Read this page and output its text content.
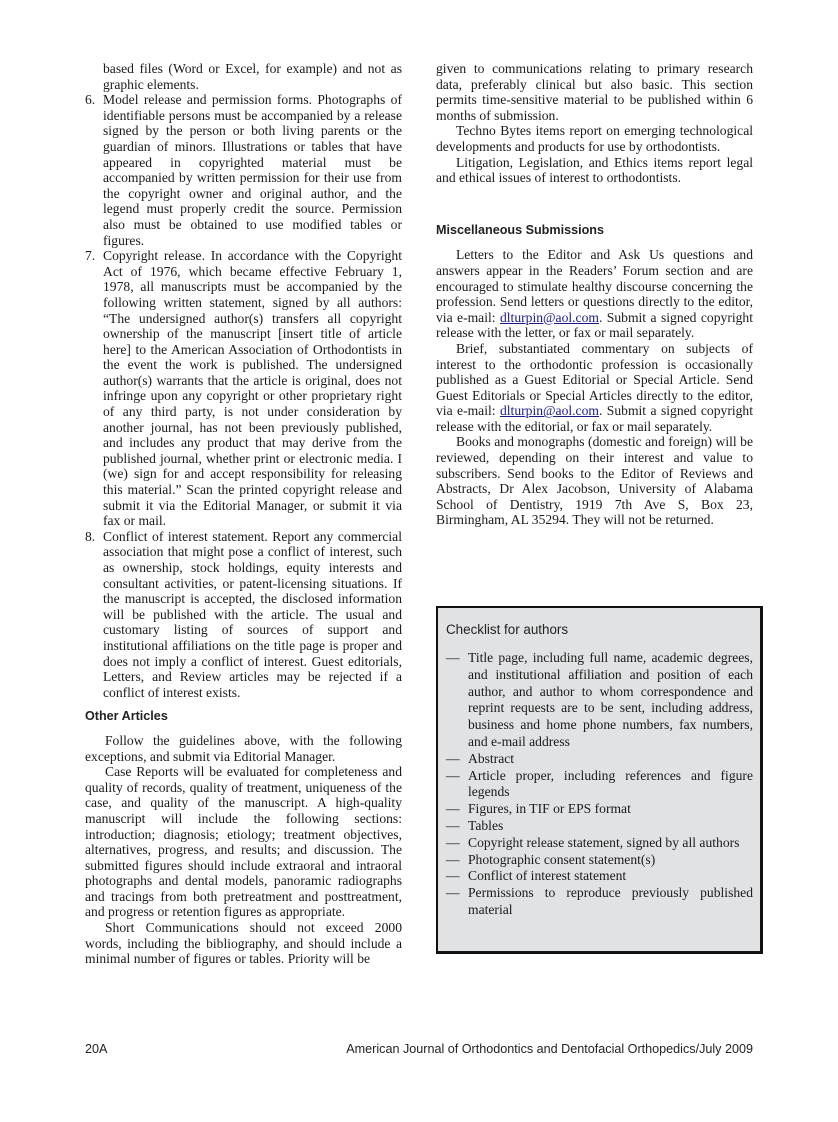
based files (Word or Excel, for example) and not as graphic elements.

6. Model release and permission forms. Photographs of identifiable persons must be accompanied by a release signed by the person or both living parents or the guardian of minors. Illustrations or tables that have appeared in copyrighted material must be accompanied by written permission for their use from the copyright owner and original author, and the legend must properly credit the source. Permission also must be obtained to use modified tables or figures.
7. Copyright release. In accordance with the Copyright Act of 1976, which became effective February 1, 1978, all manuscripts must be accompanied by the following written statement, signed by all authors: “The undersigned author(s) transfers all copyright ownership of the manuscript [insert title of article here] to the American Association of Orthodontists in the event the work is published. The undersigned author(s) warrants that the article is original, does not infringe upon any copyright or other proprietary right of any third party, is not under consideration by another journal, has not been previously published, and includes any product that may derive from the published journal, whether print or electronic media. I (we) sign for and accept responsibility for releasing this material.” Scan the printed copyright release and submit it via the Editorial Manager, or submit it via fax or mail.
8. Conflict of interest statement. Report any commercial association that might pose a conflict of interest, such as ownership, stock holdings, equity interests and consultant activities, or patent-licensing situations. If the manuscript is accepted, the disclosed information will be published with the article. The usual and customary listing of sources of support and institutional affiliations on the title page is proper and does not imply a conflict of interest. Guest editorials, Letters, and Review articles may be rejected if a conflict of interest exists.
Other Articles

Follow the guidelines above, with the following exceptions, and submit via Editorial Manager.

Case Reports will be evaluated for completeness and quality of records, quality of treatment, uniqueness of the case, and quality of the manuscript. A high-quality manuscript will include the following sections: introduction; diagnosis; etiology; treatment objectives, alternatives, progress, and results; and discussion. The submitted figures should include extraoral and intraoral photographs and dental models, panoramic radiographs and tracings from both pretreatment and posttreatment, and progress or retention figures as appropriate.

Short Communications should not exceed 2000 words, including the bibliography, and should include a minimal number of figures or tables. Priority will be

given to communications relating to primary research data, preferably clinical but also basic. This section permits time-sensitive material to be published within 6 months of submission.

Techno Bytes items report on emerging technological developments and products for use by orthodontists.

Litigation, Legislation, and Ethics items report legal and ethical issues of interest to orthodontists.

Miscellaneous Submissions

Letters to the Editor and Ask Us questions and answers appear in the Readers’ Forum section and are encouraged to stimulate healthy discourse concerning the profession. Send letters or questions directly to the editor, via e-mail: dlturpin@aol.com. Submit a signed copyright release with the letter, or fax or mail separately.

Brief, substantiated commentary on subjects of interest to the orthodontic profession is occasionally published as a Guest Editorial or Special Article. Send Guest Editorials or Special Articles directly to the editor, via e-mail: dlturpin@aol.com. Submit a signed copyright release with the editorial, or fax or mail separately.

Books and monographs (domestic and foreign) will be reviewed, depending on their interest and value to subscribers. Send books to the Editor of Reviews and Abstracts, Dr Alex Jacobson, University of Alabama School of Dentistry, 1919 7th Ave S, Box 23, Birmingham, AL 35294. They will not be returned.

Checklist for authors
— Title page, including full name, academic degrees, and institutional affiliation and position of each author, and author to whom correspondence and reprint requests are to be sent, including address, business and home phone numbers, fax numbers, and e-mail address
— Abstract
— Article proper, including references and figure legends
— Figures, in TIF or EPS format
— Tables
— Copyright release statement, signed by all authors
— Photographic consent statement(s)
— Conflict of interest statement
— Permissions to reproduce previously published material
20A	American Journal of Orthodontics and Dentofacial Orthopedics/July 2009
